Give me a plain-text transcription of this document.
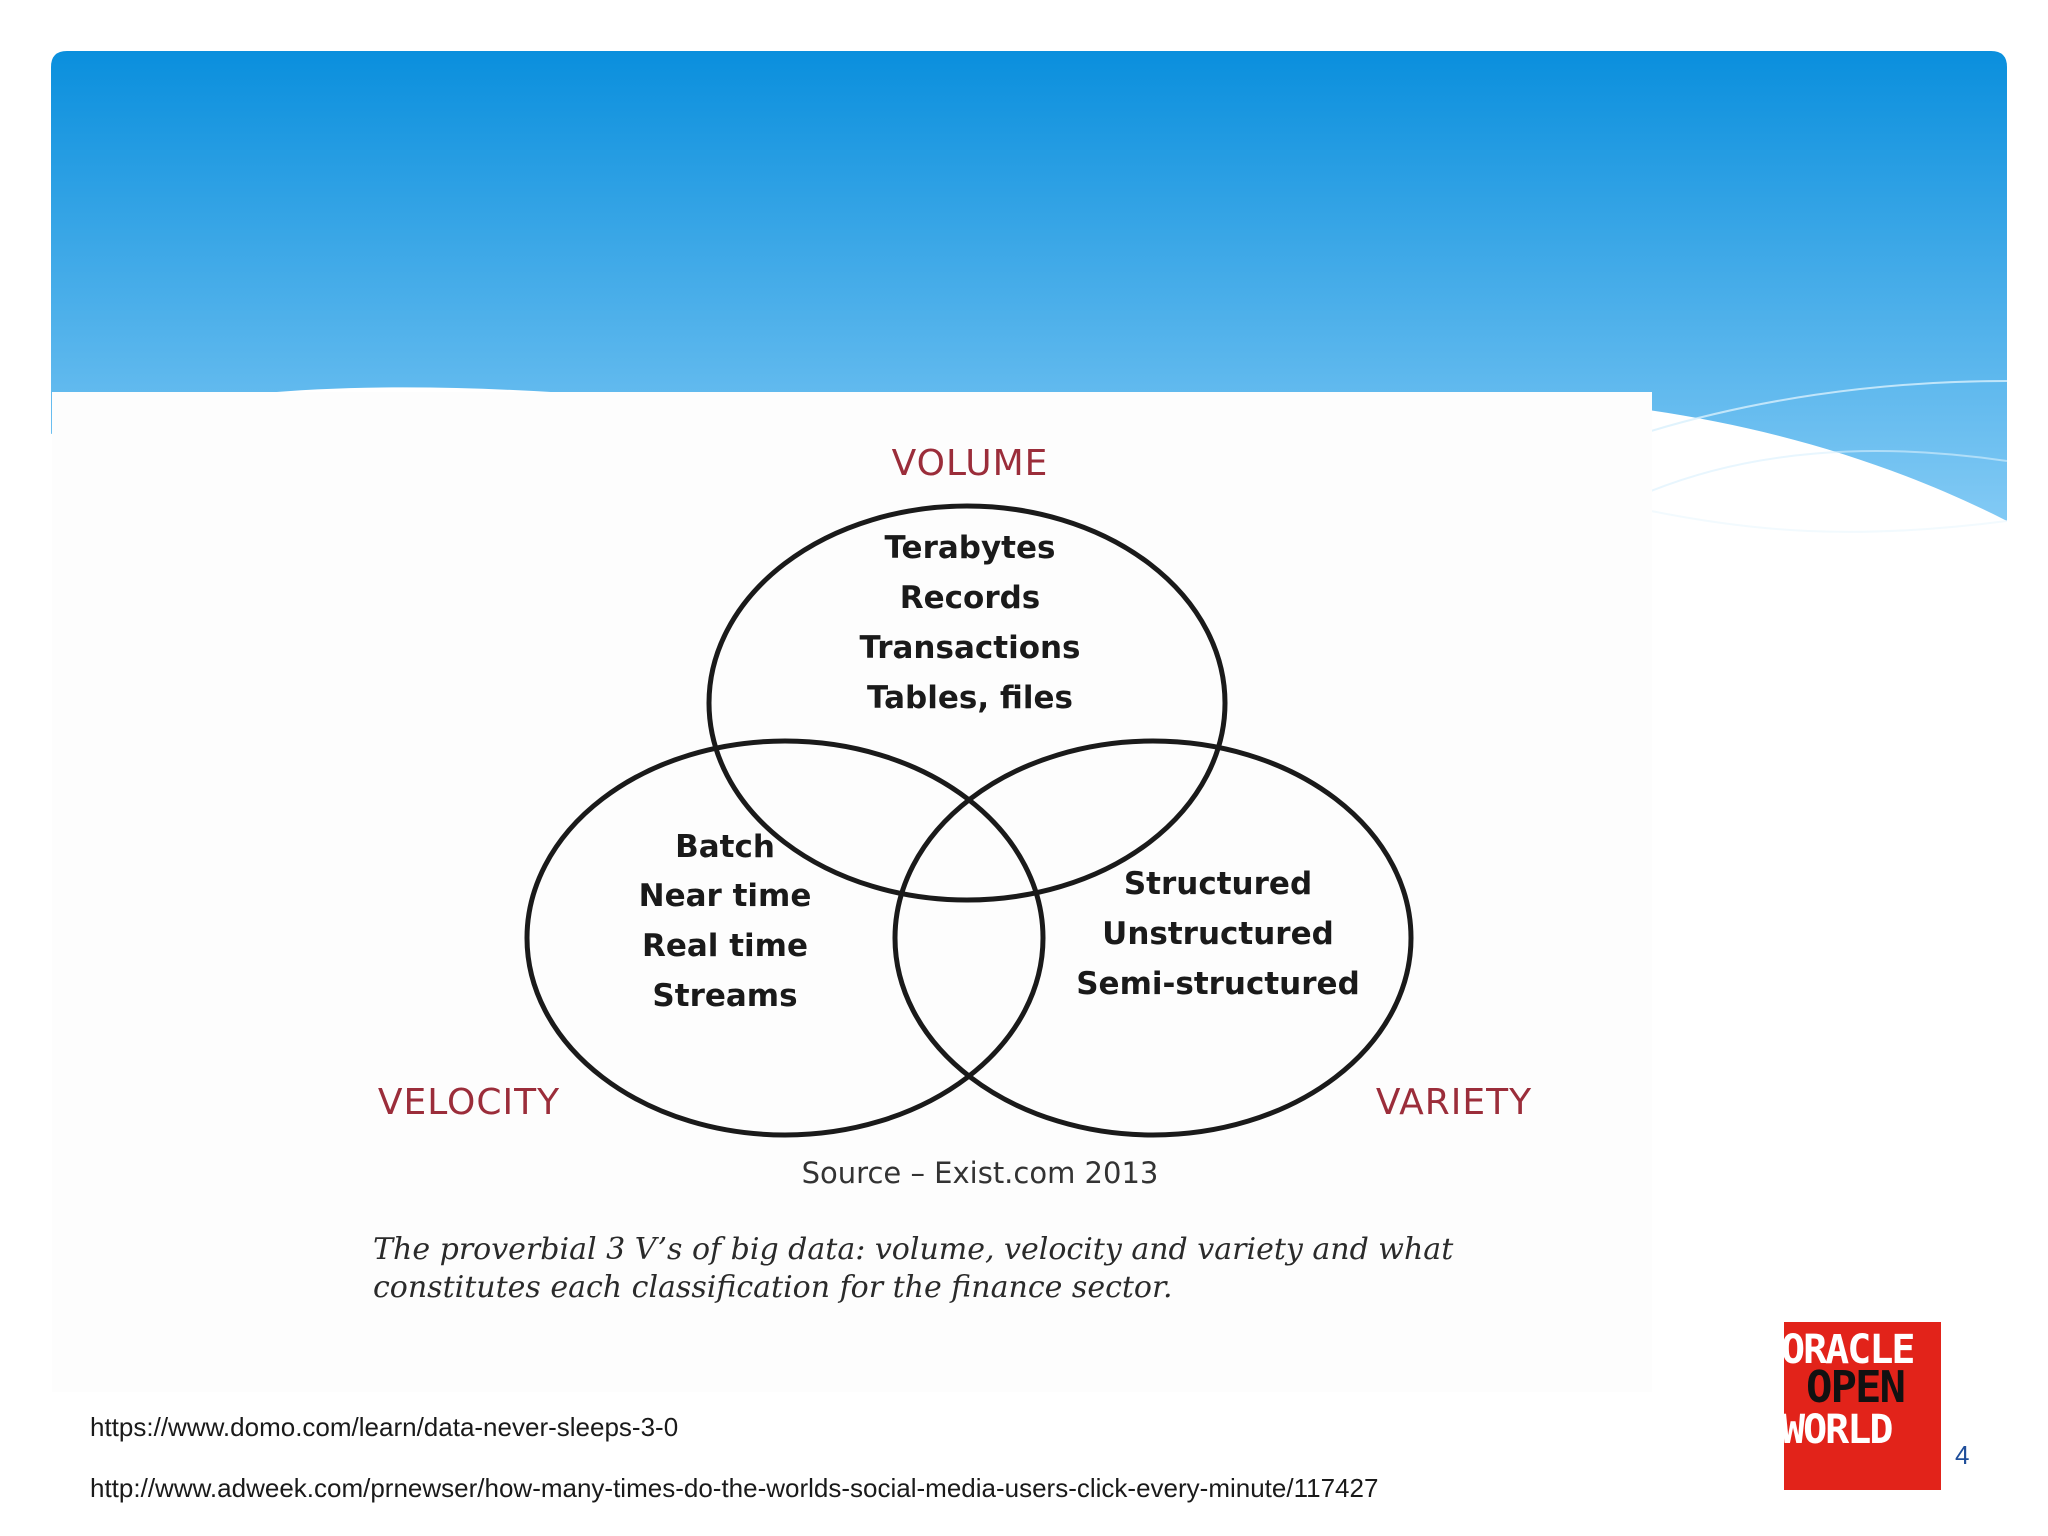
VOLUME
VELOCITY	VARIETY
Terabytes
Records
Transactions
Tables, files
Batch
Near time
Real time
Streams
Structured
Unstructured
Semi-structured
Source – Exist.com 2013
The proverbial 3 V’s of big data: volume, velocity and variety and what
constitutes each classification for the finance sector.
https://www.domo.com/learn/data-never-sleeps-3-0
http://www.adweek.com/prnewser/how-many-times-do-the-worlds-social-media-users-click-every-minute/117427
ORACLE
OPEN
WORLD
4
